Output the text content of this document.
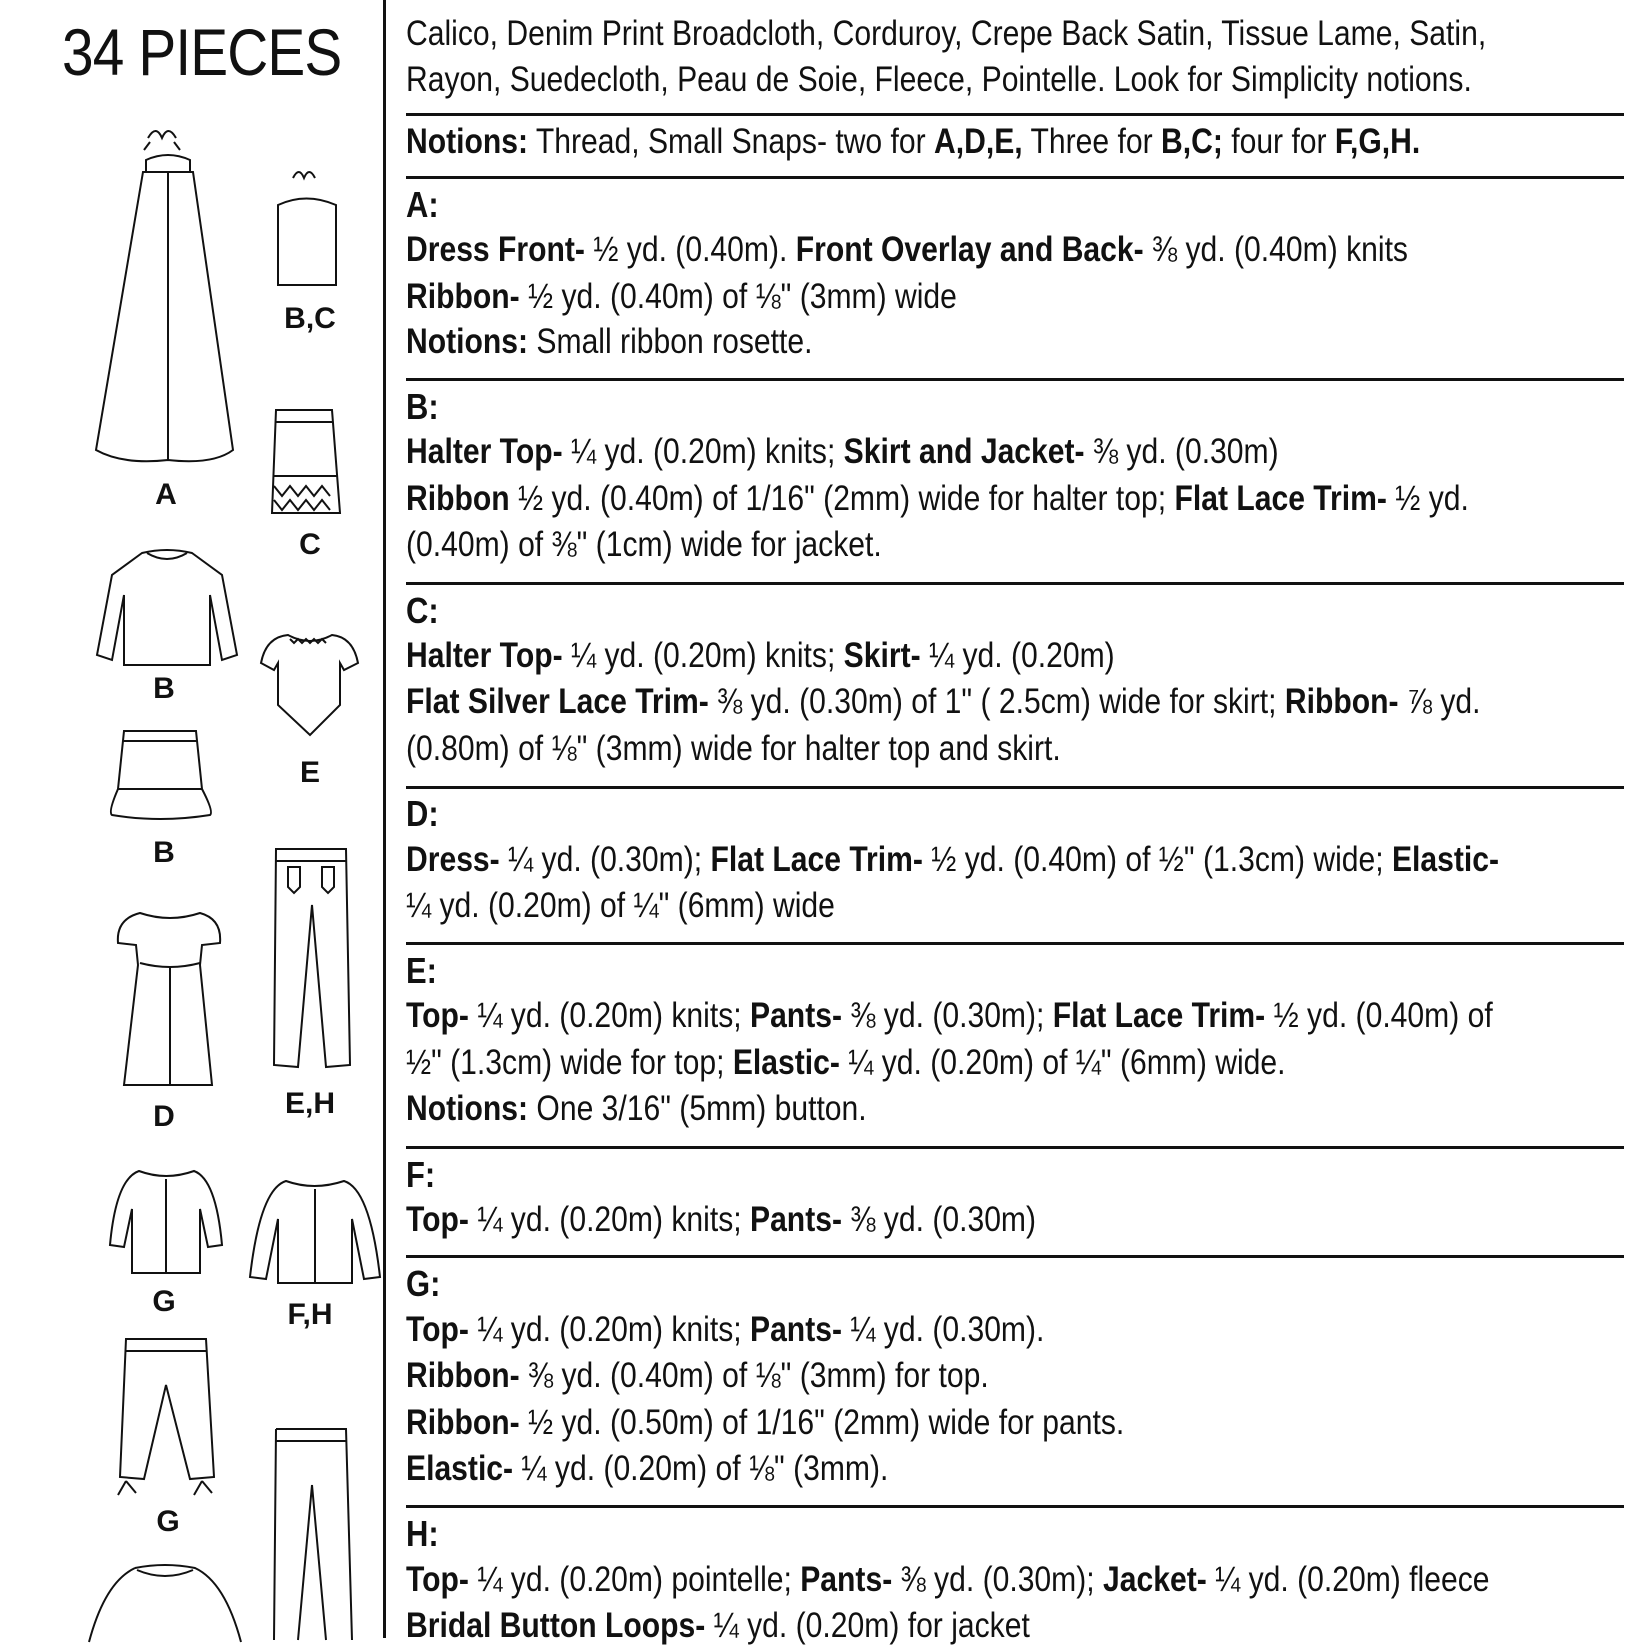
34 PIECES
A
B,C
C
B
E
B
D	E,H
G	F,H
G
Calico, Denim Print Broadcloth, Corduroy, Crepe Back Satin, Tissue Lame, Satin,
Rayon, Suedecloth, Peau de Soie, Fleece, Pointelle. Look for Simplicity notions.
Notions: Thread, Small Snaps- two for A,D,E, Three for B,C; four for F,G,H.
A:
Dress Front- ½ yd. (0.40m). Front Overlay and Back- ⅜ yd. (0.40m) knits
Ribbon- ½ yd. (0.40m) of ⅛" (3mm) wide
Notions: Small ribbon rosette.
B:
Halter Top- ¼ yd. (0.20m) knits; Skirt and Jacket- ⅜ yd. (0.30m)
Ribbon ½ yd. (0.40m) of 1/16" (2mm) wide for halter top; Flat Lace Trim- ½ yd.
(0.40m) of ⅜" (1cm) wide for jacket.
C:
Halter Top- ¼ yd. (0.20m) knits; Skirt- ¼ yd. (0.20m)
Flat Silver Lace Trim- ⅜ yd. (0.30m) of 1" ( 2.5cm) wide for skirt; Ribbon- ⅞ yd.
(0.80m) of ⅛" (3mm) wide for halter top and skirt.
D:
Dress- ¼ yd. (0.30m); Flat Lace Trim- ½ yd. (0.40m) of ½" (1.3cm) wide; Elastic-
¼ yd. (0.20m) of ¼" (6mm) wide
E:
Top- ¼ yd. (0.20m) knits; Pants- ⅜ yd. (0.30m); Flat Lace Trim- ½ yd. (0.40m) of
½" (1.3cm) wide for top; Elastic- ¼ yd. (0.20m) of ¼" (6mm) wide.
Notions: One 3/16" (5mm) button.
F:
Top- ¼ yd. (0.20m) knits; Pants- ⅜ yd. (0.30m)
G:
Top- ¼ yd. (0.20m) knits; Pants- ¼ yd. (0.30m).
Ribbon- ⅜ yd. (0.40m) of ⅛" (3mm) for top.
Ribbon- ½ yd. (0.50m) of 1/16" (2mm) wide for pants.
Elastic- ¼ yd. (0.20m) of ⅛" (3mm).
H:
Top- ¼ yd. (0.20m) pointelle; Pants- ⅜ yd. (0.30m); Jacket- ¼ yd. (0.20m) fleece
Bridal Button Loops- ¼ yd. (0.20m) for jacket
